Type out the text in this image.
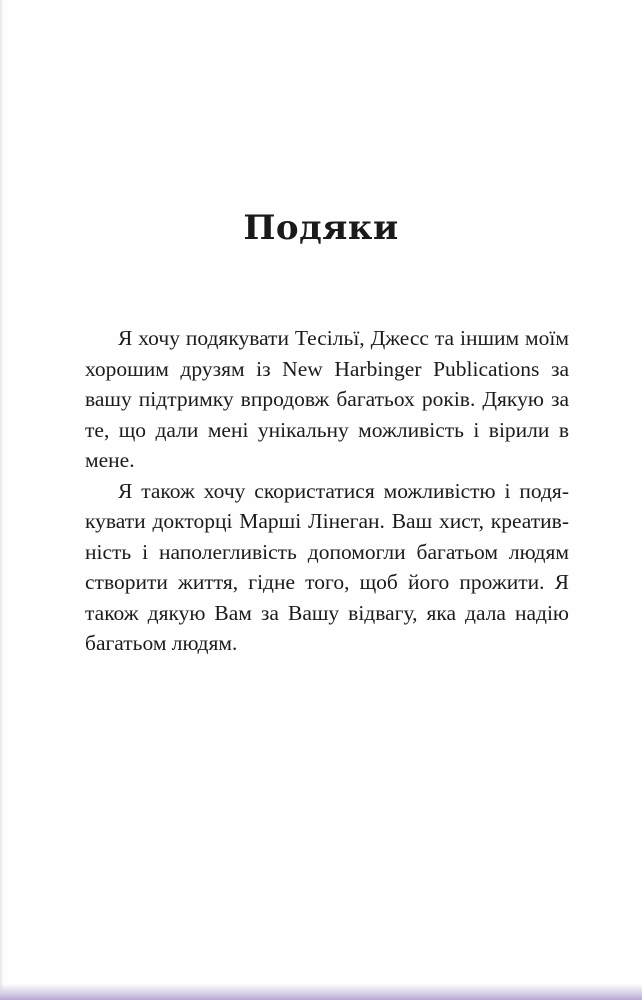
Подяки

Я хочу подякувати Тесільї, Джесс та іншим моїм хорошим друзям із New Harbinger Publications за вашу підтримку впродовж багатьох років. Дякую за те, що дали мені унікальну можливість і вірили в мене.

Я також хочу скористатися можливістю і подякувати докторці Марші Лінеган. Ваш хист, креативність і наполегливість допомогли багатьом людям створити життя, гідне того, щоб його прожити. Я також дякую Вам за Вашу відвагу, яка дала надію багатьом людям.
